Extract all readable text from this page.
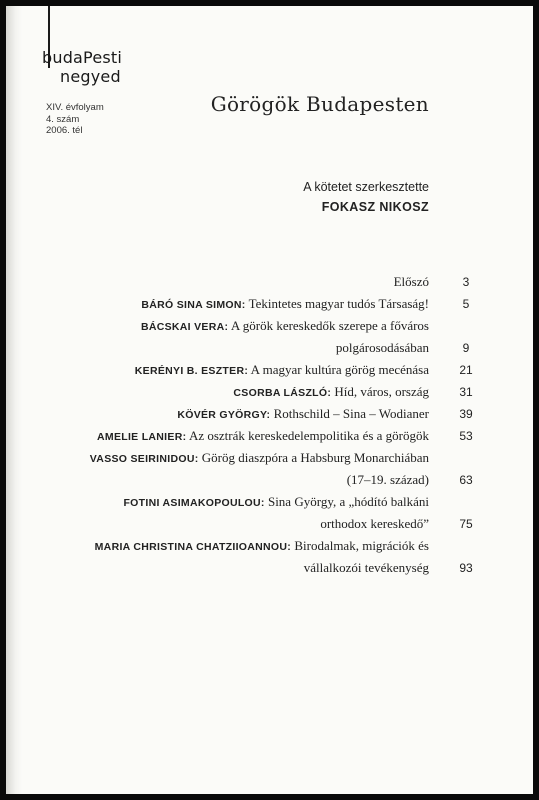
budaPesti
negyed
XIV. évfolyam
4. szám
2006. tél
Görögök Budapesten
A kötetet szerkesztette
FOKASZ NIKOSZ
Előszó	3
BÁRÓ SINA SIMON: Tekintetes magyar tudós Társaság!	5
BÁCSKAI VERA: A görök kereskedők szerepe a főváros
polgárosodásában	9
KERÉNYI B. ESZTER: A magyar kultúra görög mecénása	21
CSORBA LÁSZLÓ: Híd, város, ország	31
KÖVÉR GYÖRGY: Rothschild – Sina – Wodianer	39
AMELIE LANIER: Az osztrák kereskedelempolitika és a görögök	53
VASSO SEIRINIDOU: Görög diaszpóra a Habsburg Monarchiában
(17–19. század)	63
FOTINI ASIMAKOPOULOU: Sina György, a „hódító balkáni
orthodox kereskedő”	75
MARIA CHRISTINA CHATZIIOANNOU: Birodalmak, migrációk és
vállalkozói tevékenység	93
